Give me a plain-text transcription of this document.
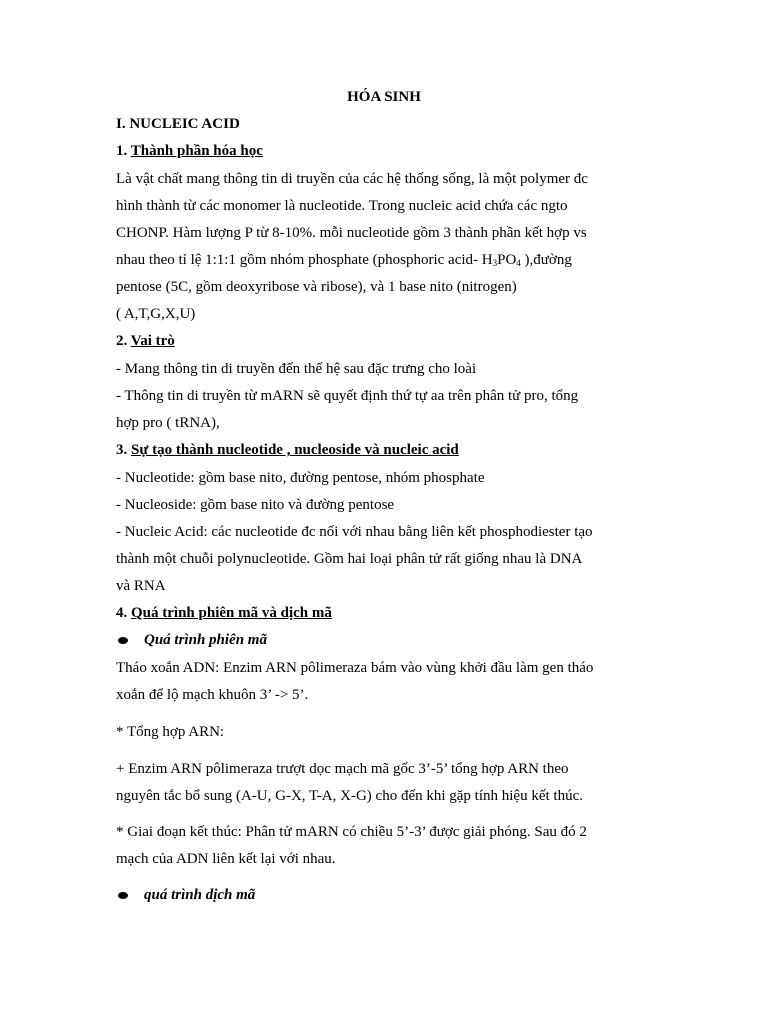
HÓA SINH
I. NUCLEIC ACID
1. Thành phần hóa học
Là vật chất mang thông tin di truyền của các hệ thống sống, là một polymer đc
hình thành từ các monomer là nucleotide. Trong nucleic acid chứa các ngto
CHONP. Hàm lượng P từ 8-10%. mỗi nucleotide gồm 3 thành phần kết hợp vs
nhau theo tỉ lệ 1:1:1 gồm nhóm phosphate (phosphoric acid- $H_3PO_4$ ),đường
pentose (5C, gồm deoxyribose và ribose), và 1 base nito (nitrogen)
( A,T,G,X,U)
2. Vai trò
- Mang thông tin di truyền đến thế hệ sau đặc trưng cho loài
- Thông tin di truyền từ mARN sẽ quyết định thứ tự aa trên phân tử pro, tổng
hợp pro ( tRNA),
3. Sự tạo thành nucleotide , nucleoside và nucleic acid
- Nucleotide: gồm base nito, đường pentose, nhóm phosphate
- Nucleoside: gồm base nito và đường pentose
- Nucleic Acid: các nucleotide đc nối với nhau bằng liên kết phosphodiester tạo
thành một chuỗi polynucleotide. Gồm hai loại phân tử rất giống nhau là DNA
và RNA
4. Quá trình phiên mã và dịch mã
Quá trình phiên mã
Tháo xoắn ADN: Enzim ARN pôlimeraza bám vào vùng khởi đầu làm gen tháo
xoắn để lộ mạch khuôn 3’ -> 5’.
* Tổng hợp ARN:
+ Enzim ARN pôlimeraza trượt dọc mạch mã gốc 3’-5’ tổng hợp ARN theo
nguyên tắc bổ sung (A-U, G-X, T-A, X-G) cho đến khi gặp tính hiệu kết thúc.
* Giai đoạn kết thúc: Phân tử mARN có chiều 5’-3’ được giải phóng. Sau đó 2
mạch của ADN liên kết lại với nhau.
quá trình dịch mã
